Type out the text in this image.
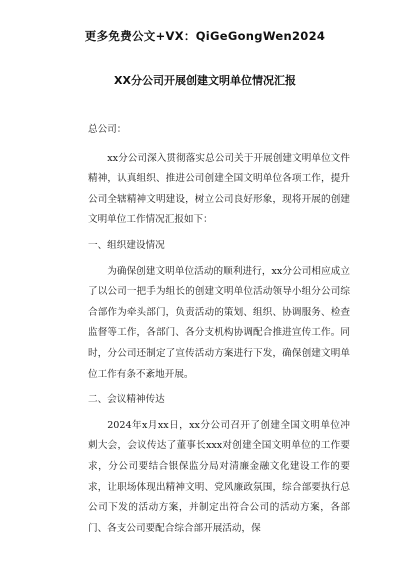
更多免费公文+VX：QiGeGongWen2024
XX分公司开展创建文明单位情况汇报

总公司：

xx分公司深入贯彻落实总公司关于开展创建文明单位文件精神，认真组织、推进公司创建全国文明单位各项工作，提升公司全辖精神文明建设，树立公司良好形象，现将开展的创建文明单位工作情况汇报如下：

一、组织建设情况

为确保创建文明单位活动的顺利进行，xx分公司相应成立了以公司一把手为组长的创建文明单位活动领导小组分公司综合部作为牵头部门，负责活动的策划、组织、协调服务、检查监督等工作，各部门、各分支机构协调配合推进宣传工作。同时，分公司还制定了宣传活动方案进行下发，确保创建文明单位工作有条不紊地开展。

二、会议精神传达

2024年x月xx日，xx分公司召开了创建全国文明单位冲刺大会，会议传达了董事长xxx对创建全国文明单位的工作要求，分公司要结合银保监分局对清廉金融文化建设工作的要求，让职场体现出精神文明、党风廉政氛围，综合部要执行总公司下发的活动方案，并制定出符合公司的活动方案，各部门、各支公司要配合综合部开展活动，保
